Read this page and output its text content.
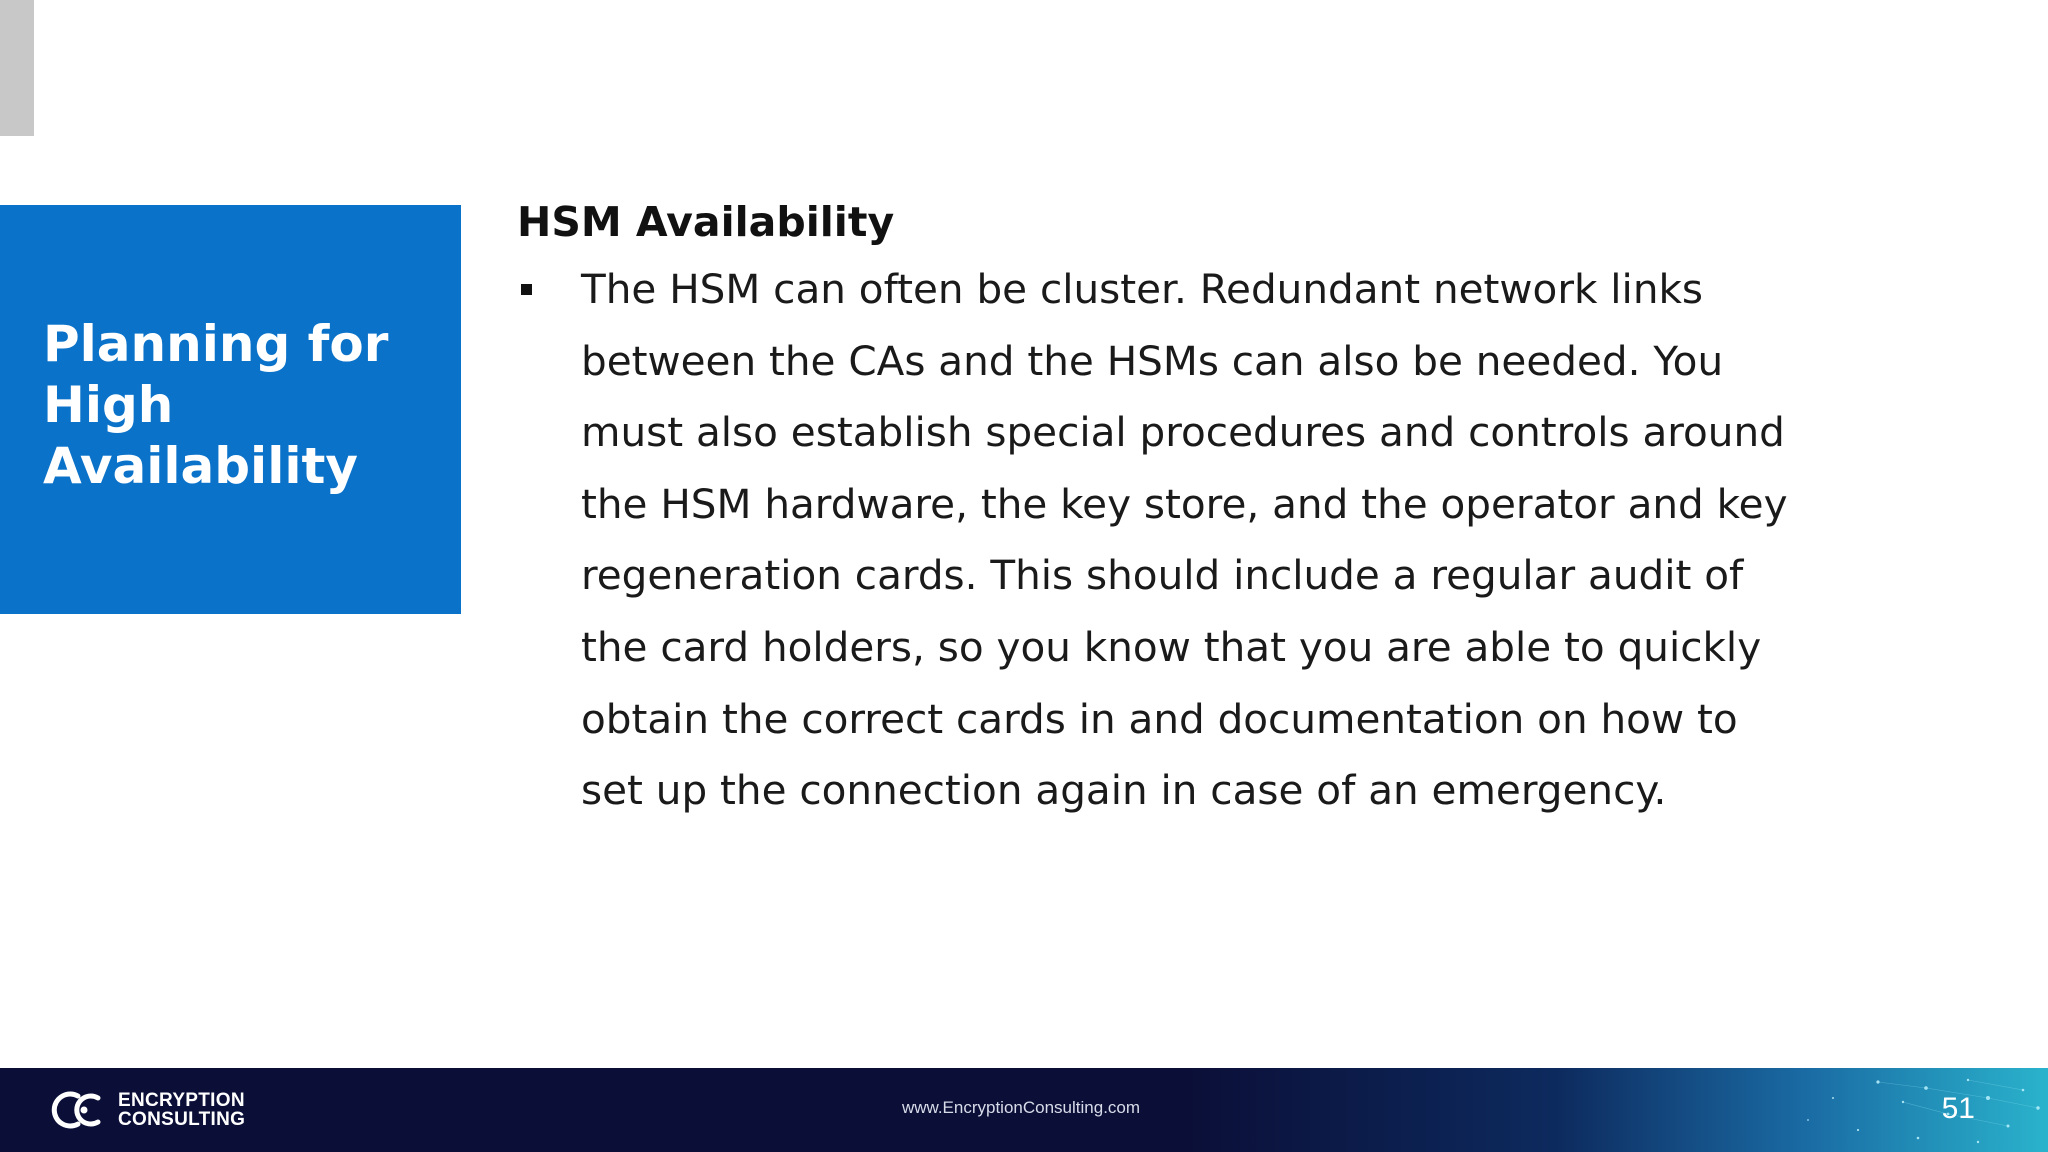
Planning for High Availability
HSM Availability
The HSM can often be cluster. Redundant network links between the CAs and the HSMs can also be needed. You must also establish special procedures and controls around the HSM hardware, the key store, and the operator and key regeneration cards. This should include a regular audit of the card holders, so you know that you are able to quickly obtain the correct cards in and documentation on how to set up the connection again in case of an emergency.
ENCRYPTION
CONSULTING
www.EncryptionConsulting.com	51
